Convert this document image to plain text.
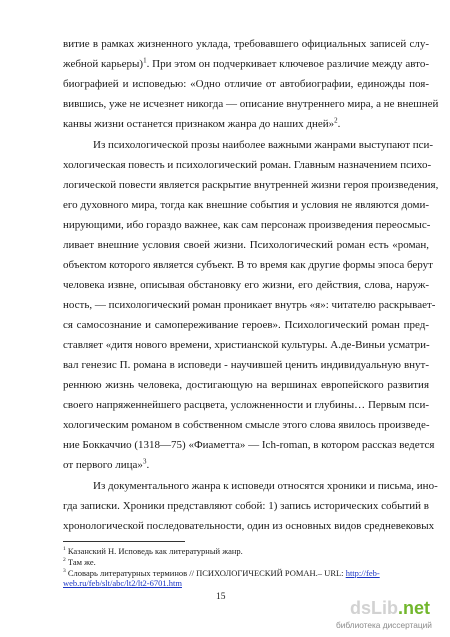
витие в рамках жизненного уклада, требовавшего официальных записей слу-
жебной карьеры)$^1$. При этом он подчеркивает ключевое различие между авто-
биографией и исповедью: «Одно отличие от автобиографии, единожды поя-
вившись, уже не исчезнет никогда — описание внутреннего мира, а не внешней
канвы жизни останется признаком жанра до наших дней»$^2$.
Из психологической прозы наиболее важными жанрами выступают пси-
хологическая повесть и психологический роман. Главным назначением психо-
логической повести является раскрытие внутренней жизни героя произведения,
его духовного мира, тогда как внешние события и условия не являются доми-
нирующими, ибо гораздо важнее, как сам персонаж произведения переосмыс-
ливает внешние условия своей жизни. Психологический роман есть «роман,
объектом которого является субъект. В то время как другие формы эпоса берут
человека извне, описывая обстановку его жизни, его действия, слова, наруж-
ность, — психологический роман проникает внутрь «я»: читателю раскрывает-
ся самосознание и самопереживание героев». Психологический роман пред-
ставляет «дитя нового времени, христианской культуры. А.де-Виньи усматри-
вал генезис П. романа в исповеди - научившей ценить индивидуальную внут-
реннюю жизнь человека, достигающую на вершинах европейского развития
своего напряженнейшего расцвета, усложненности и глубины… Первым пси-
хологическим романом в собственном смысле этого слова явилось произведе-
ние Боккаччио (1318—75) «Фиаметта» — Ich-roman, в котором рассказ ведется
от первого лица»$^3$.
Из документального жанра к исповеди относятся хроники и письма, ино-
гда записки. Хроники представляют собой: 1) запись исторических событий в
хронологической последовательности, один из основных видов средневековых
$^1$ Казанский Н. Исповедь как литературный жанр.
$^2$ Там же.
$^3$ Словарь литературных терминов // ПСИХОЛОГИЧЕСКИЙ РОМАН.– URL: http://feb-
web.ru/feb/slt/abc/lt2/lt2-6701.htm
15
dsLib.net
библиотека диссертаций
